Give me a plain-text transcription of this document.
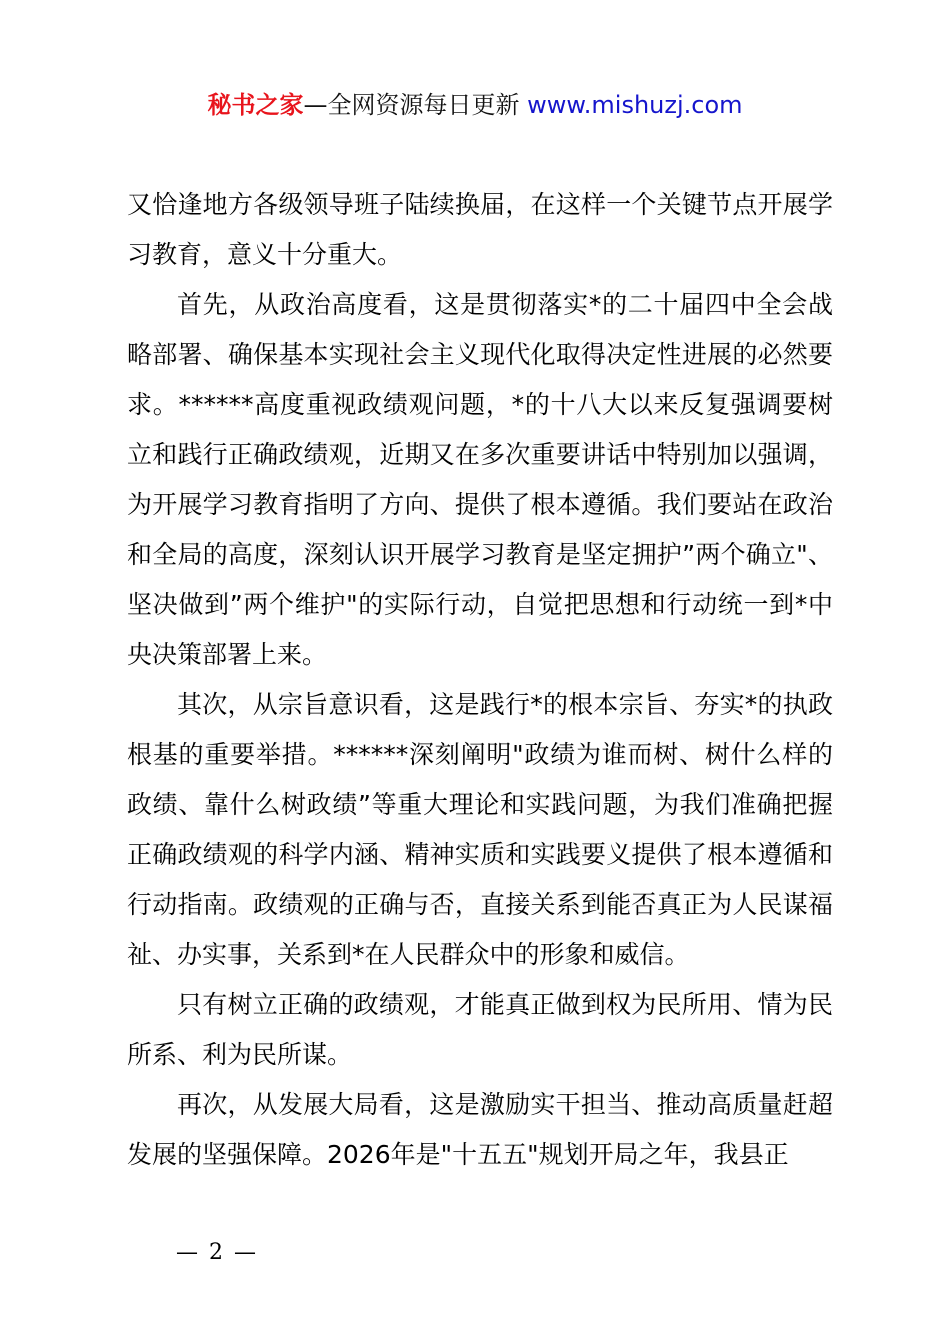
秘书之家—全网资源每日更新 www.mishuzj.com

又恰逢地方各级领导班子陆续换届，在这样一个关键节点开展学习教育，意义十分重大。

首先，从政治高度看，这是贯彻落实*的二十届四中全会战略部署、确保基本实现社会主义现代化取得决定性进展的必然要求。******高度重视政绩观问题，*的十八大以来反复强调要树立和践行正确政绩观，近期又在多次重要讲话中特别加以强调，为开展学习教育指明了方向、提供了根本遵循。我们要站在政治和全局的高度，深刻认识开展学习教育是坚定拥护”两个确立"、坚决做到”两个维护"的实际行动，自觉把思想和行动统一到*中央决策部署上来。

其次，从宗旨意识看，这是践行*的根本宗旨、夯实*的执政根基的重要举措。******深刻阐明"政绩为谁而树、树什么样的政绩、靠什么树政绩”等重大理论和实践问题，为我们准确把握正确政绩观的科学内涵、精神实质和实践要义提供了根本遵循和行动指南。政绩观的正确与否，直接关系到能否真正为人民谋福祉、办实事，关系到*在人民群众中的形象和威信。

只有树立正确的政绩观，才能真正做到权为民所用、情为民所系、利为民所谋。

再次，从发展大局看，这是激励实干担当、推动高质量赶超发展的坚强保障。2026年是"十五五"规划开局之年，我县正

— 2 —
